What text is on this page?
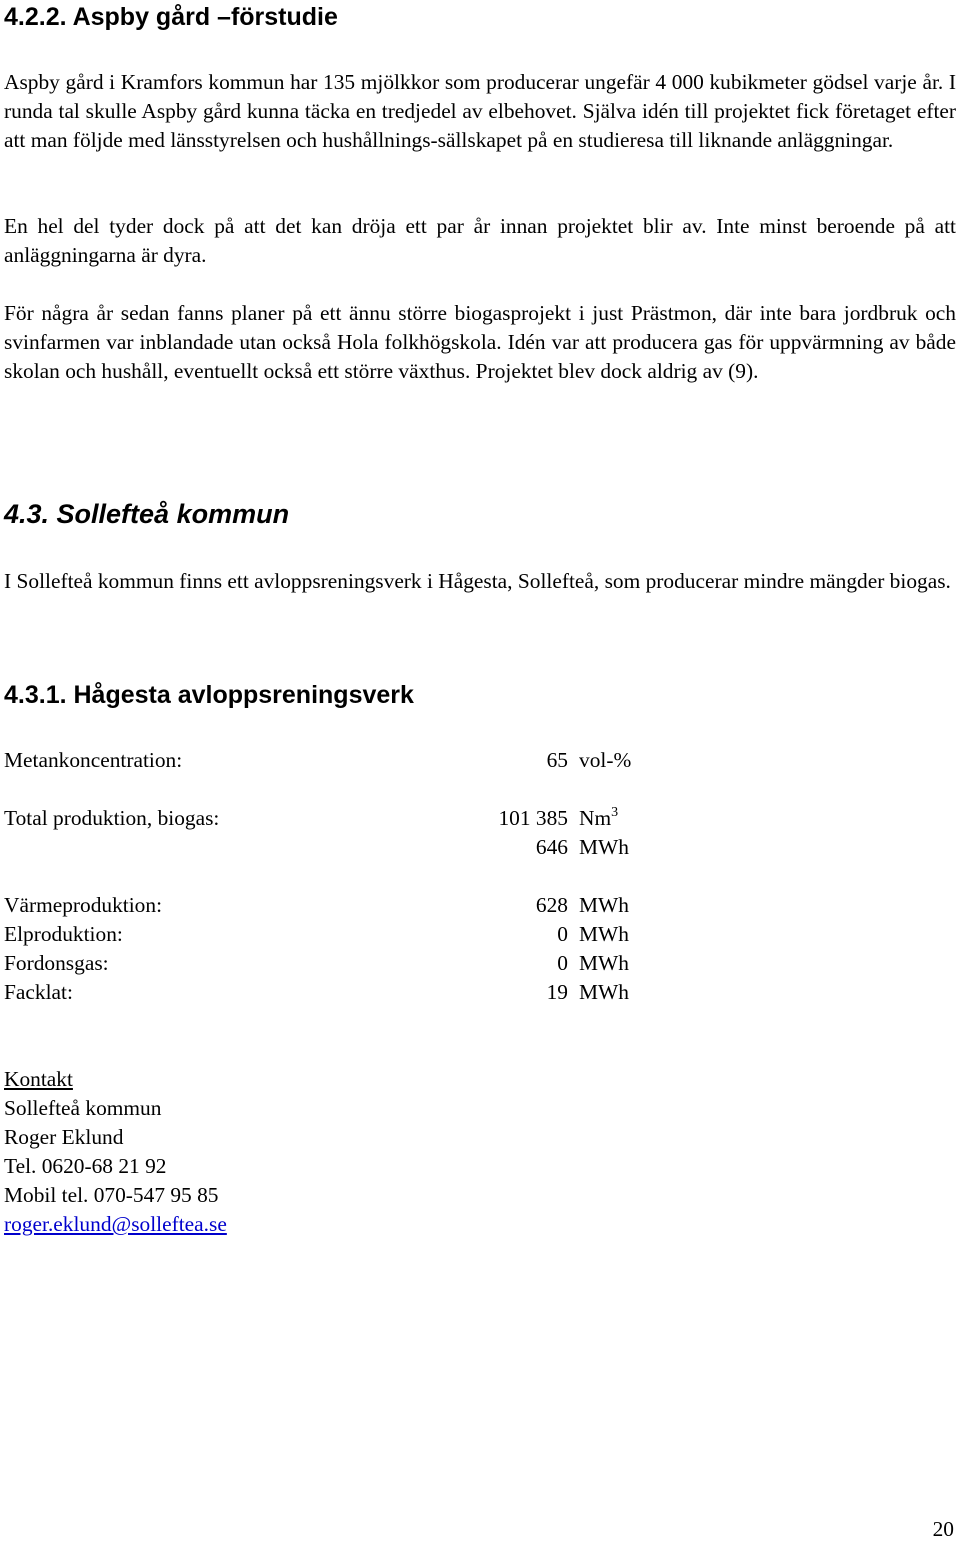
4.2.2. Aspby gård –förstudie
Aspby gård i Kramfors kommun har 135 mjölkkor som producerar ungefär 4 000 kubikmeter gödsel varje år. I runda tal skulle Aspby gård kunna täcka en tredjedel av elbehovet. Själva idén till projektet fick företaget efter att man följde med länsstyrelsen och hushållnings-sällskapet på en studieresa till liknande anläggningar.
En hel del tyder dock på att det kan dröja ett par år innan projektet blir av. Inte minst beroende på att anläggningarna är dyra.
För några år sedan fanns planer på ett ännu större biogasprojekt i just Prästmon, där inte bara jordbruk och svinfarmen var inblandade utan också Hola folkhögskola. Idén var att producera gas för uppvärmning av både skolan och hushåll, eventuellt också ett större växthus. Projektet blev dock aldrig av (9).
4.3. Sollefteå kommun
I Sollefteå kommun finns ett avloppsreningsverk i Hågesta, Sollefteå, som producerar mindre mängder biogas.
4.3.1. Hågesta avloppsreningsverk
Metankoncentration:	65 vol-%
Total produktion, biogas:	101 385 Nm$^3$
646 MWh
Värmeproduktion:	628 MWh
Elproduktion:	0 MWh
Fordonsgas:	0 MWh
Facklat:	19 MWh
Kontakt
Sollefteå kommun
Roger Eklund
Tel. 0620-68 21 92
Mobil tel. 070-547 95 85
roger.eklund@solleftea.se
20
